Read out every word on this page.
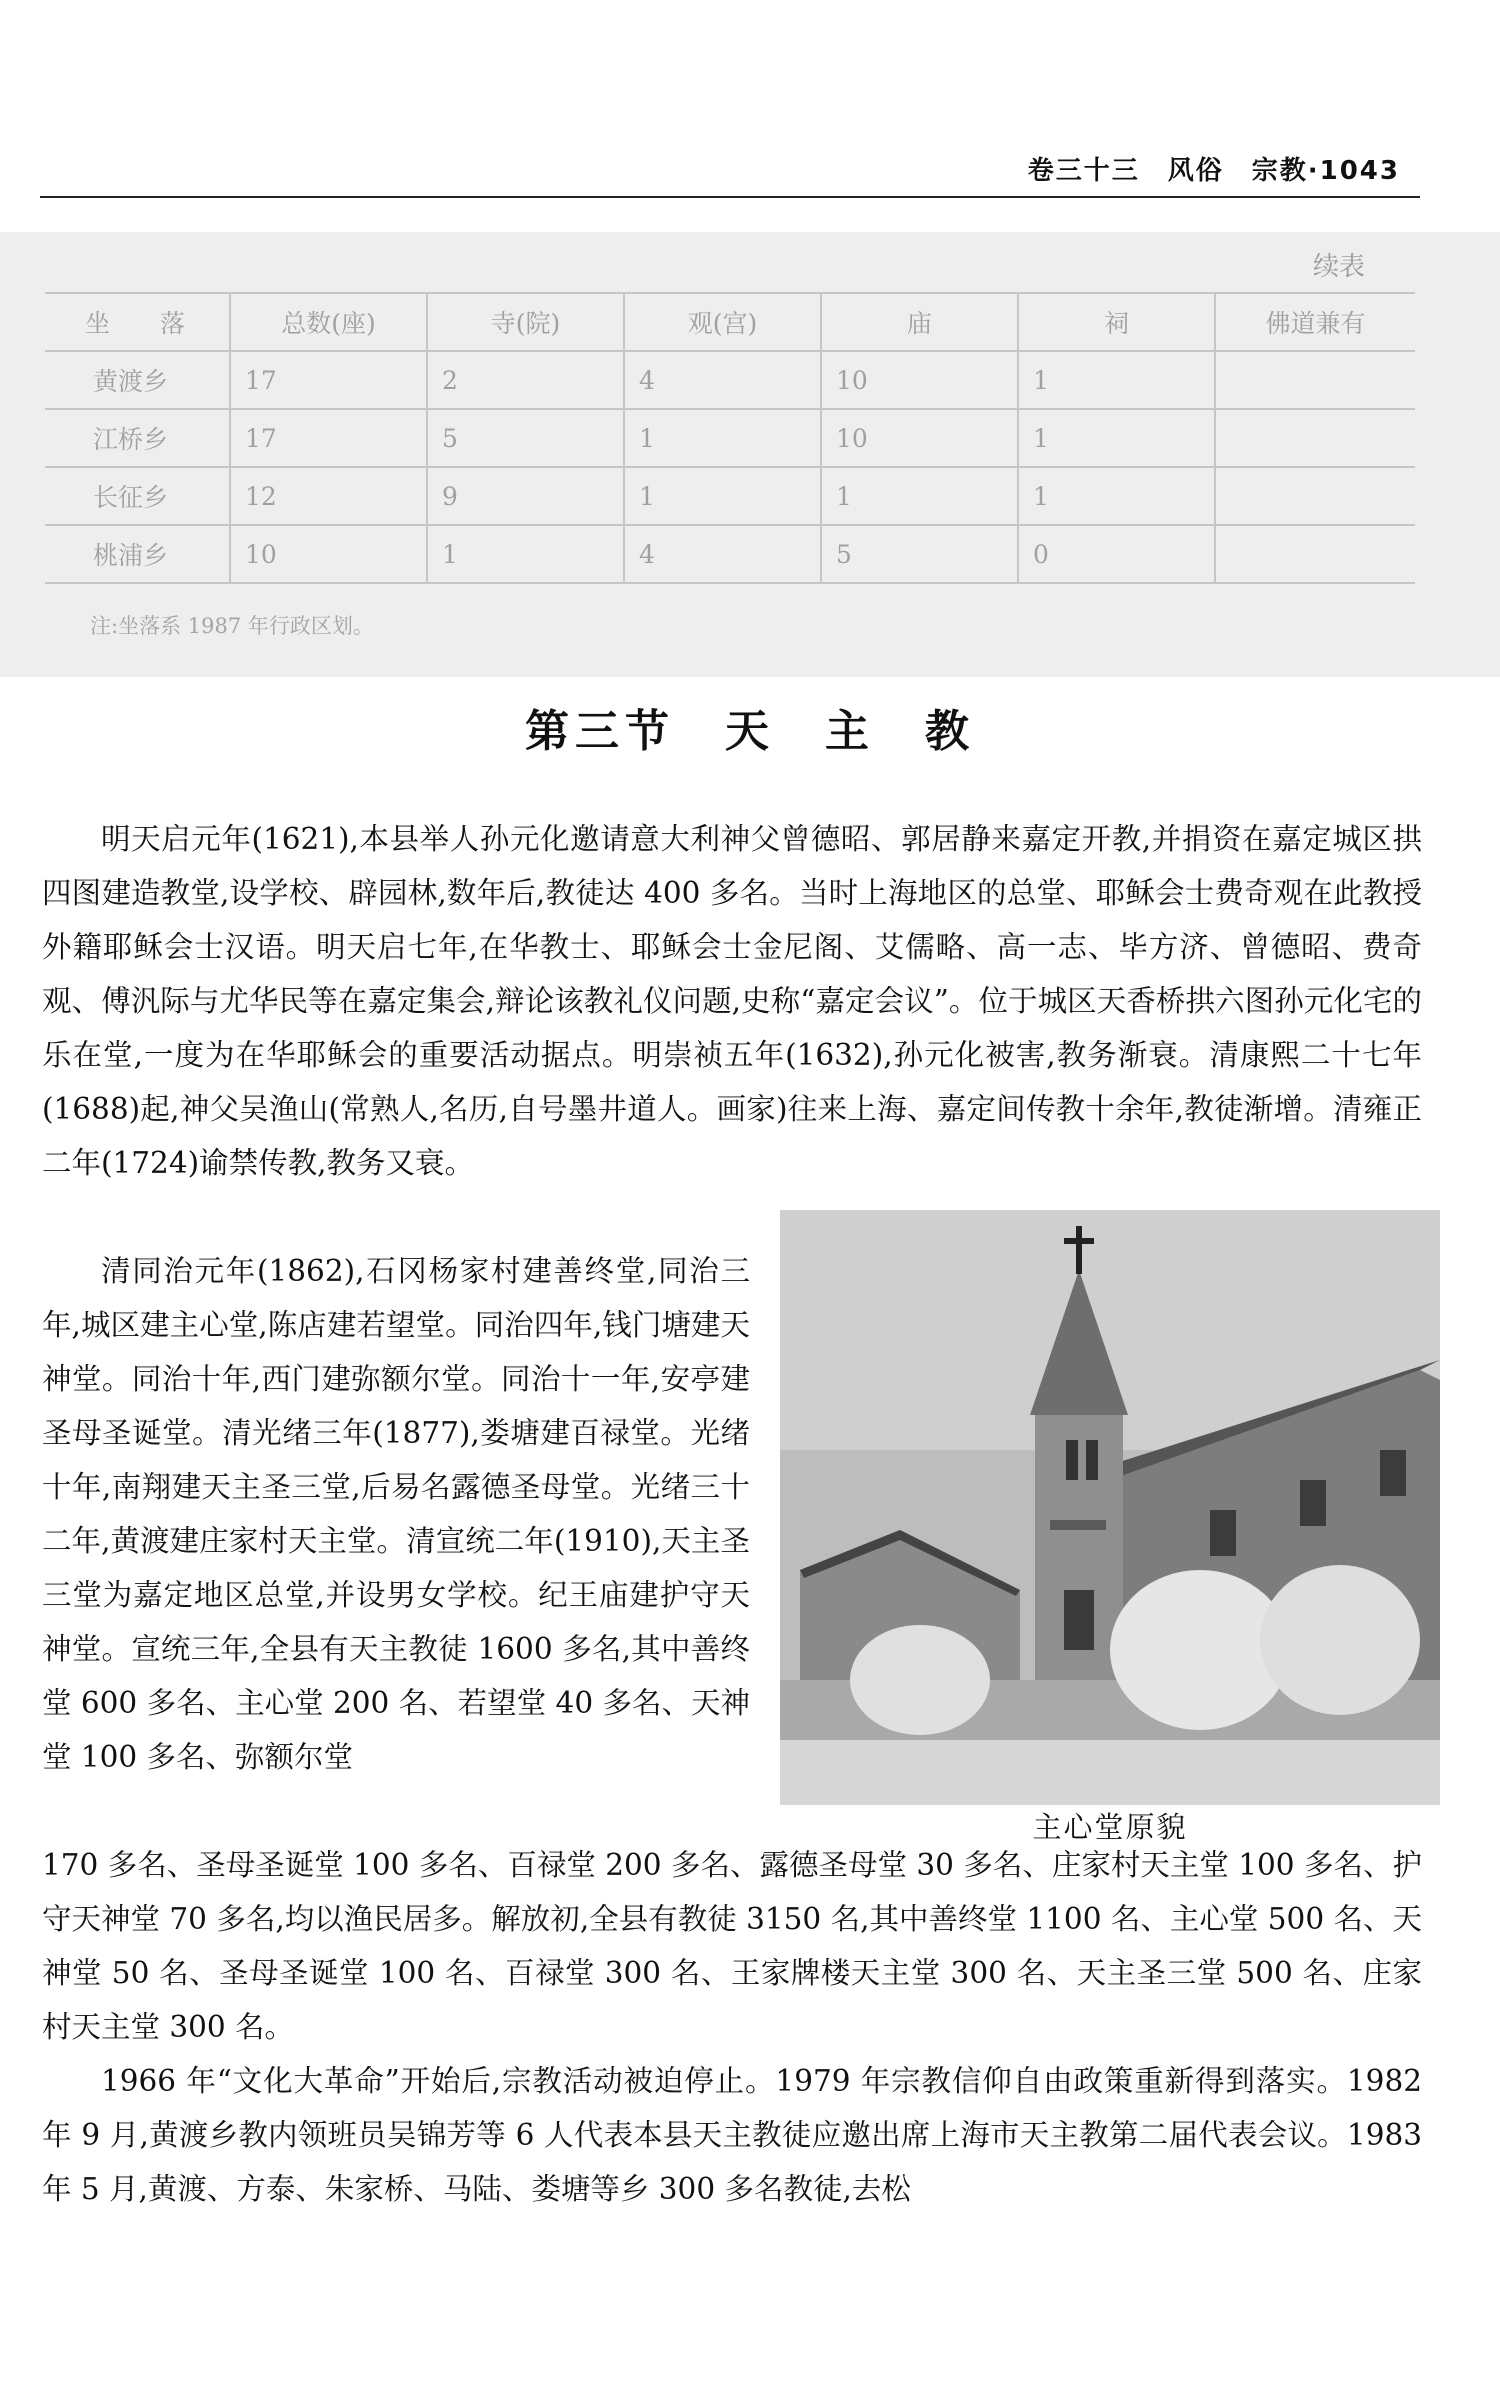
卷三十三　风俗　宗教·1043
续表
坐　　落	总数(座)	寺(院)	观(宫)	庙	祠	佛道兼有
黄渡乡	17	2	4	10	1	
江桥乡	17	5	1	10	1	
长征乡	12	9	1	1	1	
桃浦乡	10	1	4	5	0	
注:坐落系 1987 年行政区划。
第三节　天　主　教

明天启元年(1621),本县举人孙元化邀请意大利神父曾德昭、郭居静来嘉定开教,并捐资在嘉定城区拱四图建造教堂,设学校、辟园林,数年后,教徒达 400 多名。当时上海地区的总堂、耶稣会士费奇观在此教授外籍耶稣会士汉语。明天启七年,在华教士、耶稣会士金尼阁、艾儒略、高一志、毕方济、曾德昭、费奇观、傅汎际与尤华民等在嘉定集会,辩论该教礼仪问题,史称“嘉定会议”。位于城区天香桥拱六图孙元化宅的乐在堂,一度为在华耶稣会的重要活动据点。明崇祯五年(1632),孙元化被害,教务渐衰。清康熙二十七年(1688)起,神父吴渔山(常熟人,名历,自号墨井道人。画家)往来上海、嘉定间传教十余年,教徒渐增。清雍正二年(1724)谕禁传教,教务又衰。

清同治元年(1862),石冈杨家村建善终堂,同治三年,城区建主心堂,陈店建若望堂。同治四年,钱门塘建天神堂。同治十年,西门建弥额尔堂。同治十一年,安亭建圣母圣诞堂。清光绪三年(1877),娄塘建百禄堂。光绪十年,南翔建天主圣三堂,后易名露德圣母堂。光绪三十二年,黄渡建庄家村天主堂。清宣统二年(1910),天主圣三堂为嘉定地区总堂,并设男女学校。纪王庙建护守天神堂。宣统三年,全县有天主教徒 1600 多名,其中善终堂 600 多名、主心堂 200 名、若望堂 40 多名、天神堂 100 多名、弥额尔堂

170 多名、圣母圣诞堂 100 多名、百禄堂 200 多名、露德圣母堂 30 多名、庄家村天主堂 100 多名、护守天神堂 70 多名,均以渔民居多。解放初,全县有教徒 3150 名,其中善终堂 1100 名、主心堂 500 名、天神堂 50 名、圣母圣诞堂 100 名、百禄堂 300 名、王家牌楼天主堂 300 名、天主圣三堂 500 名、庄家村天主堂 300 名。

1966 年“文化大革命”开始后,宗教活动被迫停止。1979 年宗教信仰自由政策重新得到落实。1982 年 9 月,黄渡乡教内领班员吴锦芳等 6 人代表本县天主教徒应邀出席上海市天主教第二届代表会议。1983 年 5 月,黄渡、方泰、朱家桥、马陆、娄塘等乡 300 多名教徒,去松

主心堂原貌
